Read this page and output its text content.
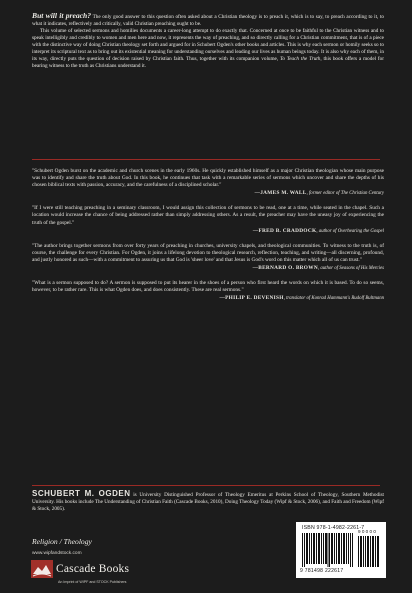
But will it preach? The only good answer to this question often asked about a Christian theology is to preach it, which is to say, to preach according to it, to what it indicates, reflectively and critically, valid Christian preaching ought to be.

This volume of selected sermons and homilies documents a career-long attempt to do exactly that. Concerned at once to be faithful to the Christian witness and to speak intelligibly and credibly to women and men here and now, it represents the way of preaching, and so directly calling for a Christian commitment, that is of a piece with the distinctive way of doing Christian theology set forth and argued for in Schubert Ogden's other books and articles. This is why each sermon or homily seeks so to interpret its scriptural text as to bring out its existential meaning for understanding ourselves and leading our lives as human beings today. It is also why each of them, in its way, directly puts the question of decision raised by Christian faith. Thus, together with its companion volume, To Teach the Truth, this book offers a model for bearing witness to the truth as Christians understand it.

"Schubert Ogden burst on the academic and church scenes in the early 1960s. He quickly established himself as a major Christian theologian whose main purpose was to identify and share the truth about God. In this book, he continues that task with a remarkable series of sermons which uncover and share the depths of his chosen biblical texts with passion, accuracy, and the carefulness of a disciplined scholar."

—JAMES M. WALL, former editor of The Christian Century

"If I were still teaching preaching in a seminary classroom, I would assign this collection of sermons to be read, one at a time, while seated in the chapel. Such a location would increase the chance of being addressed rather than simply addressing others. As a result, the preacher may have the uneasy joy of experiencing the truth of the gospel."

—FRED B. CRADDOCK, author of Overhearing the Gospel

"The author brings together sermons from over forty years of preaching in churches, university chapels, and theological communities. To witness to the truth is, of course, the challenge for every Christian. For Ogden, it joins a lifelong devotion to theological research, reflection, teaching, and writing—all discerning, profound, and justly honored as such—with a commitment to assuring us that God is 'sheer love' and that Jesus is God's word on this matter which all of us can trust."

—BERNARD O. BROWN, author of Seasons of His Mercies

"What is a sermon supposed to do? A sermon is supposed to put its hearer in the shoes of a person who first heard the words on which it is based. To do so seems, however, to be rather rare. This is what Ogden does, and does consistently. These are real sermons."

—PHILIP E. DEVENISH, translator of Konrad Hammann's Rudolf Bultmann
SCHUBERT M. OGDEN is University Distinguished Professor of Theology Emeritus at Perkins School of Theology, Southern Methodist University. His books include The Understanding of Christian Faith (Cascade Books, 2010), Doing Theology Today (Wipf & Stock, 2006), and Faith and Freedom (Wipf & Stock, 2005).
Religion / Theology
www.wipfandstock.com
Cascade Books
An Imprint of WIPF and STOCK Publishers
ISBN 978-1-4982-2261-7
9 0 0 0 0
9 781498 222617
